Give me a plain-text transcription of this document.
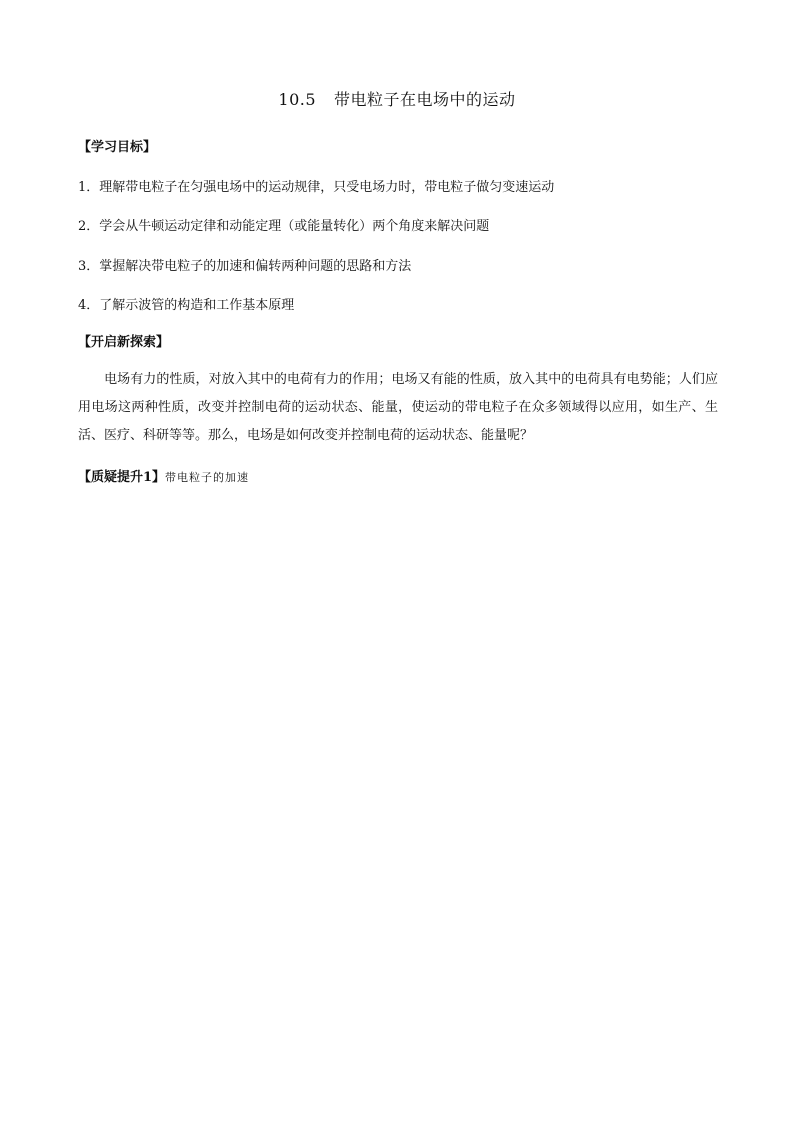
10.5 带电粒子在电场中的运动
【学习目标】
1．理解带电粒子在匀强电场中的运动规律，只受电场力时，带电粒子做匀变速运动
2．学会从牛顿运动定律和动能定理（或能量转化）两个角度来解决问题
3．掌握解决带电粒子的加速和偏转两种问题的思路和方法
4．了解示波管的构造和工作基本原理
【开启新探索】
电场有力的性质，对放入其中的电荷有力的作用；电场又有能的性质，放入其中的电荷具有电势能；人们应用电场这两种性质，改变并控制电荷的运动状态、能量，使运动的带电粒子在众多领域得以应用，如生产、生活、医疗、科研等等。那么，电场是如何改变并控制电荷的运动状态、能量呢？
【质疑提升1】带电粒子的加速
